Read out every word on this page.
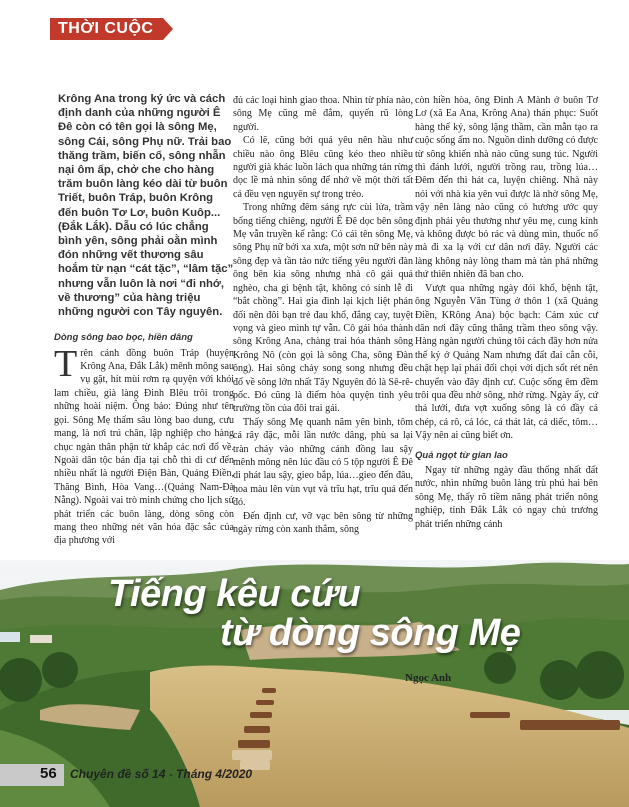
THỜI CUỘC
Krông Ana trong ký ức và cách định danh của những người Ê Đê còn có tên gọi là sông Mẹ, sông Cái, sông Phụ nữ. Trải bao thăng trầm, biến cố, sông nhẫn nại ôm ấp, chở che cho hàng trăm buôn làng kéo dài từ buôn Triết, buôn Tráp, buôn Krông đến buôn Tơ Lơ, buôn Kuôp...(Đắk Lắk). Dẫu có lúc chẳng bình yên, sông phải oằn mình đón những vết thương sâu hoắm từ nạn “cát tặc”, “lâm tặc” nhưng vẫn luôn là nơi “đi nhớ, về thương” của hàng triệu những người con Tây nguyên.
Dòng sông bao bọc, hiền dâng

Trên cánh đồng buôn Tráp (huyện Krông Ana, Đắk Lắk) mênh mông sau vụ gặt, hít mùi rơm rạ quyện với khói lam chiều, già làng Đinh Blêu trôi trong những hoài niệm. Ông bảo: Đúng như tên gọi. Sông Mẹ thấm sâu lòng bao dung, cưu mang, là nơi trú chân, lập nghiệp cho hàng chục ngàn thân phận từ khắp các nơi đổ về. Ngoài dân tộc bản địa tại chỗ thì di cư đến nhiều nhất là người Điện Bàn, Quảng Điền, Thăng Bình, Hòa Vang…(Quảng Nam-Đà Nẵng). Ngoài vai trò minh chứng cho lịch sử phát triển các buôn làng, dòng sông còn mang theo những nét văn hóa đặc sắc của địa phương với

đủ các loại hình giao thoa. Nhìn từ phía nào, sông Mẹ cũng mê đắm, quyến rũ lòng người.

Có lẽ, cũng bởi quá yêu nên hầu như chiều nào ông Blêu cũng kéo theo nhiều người già khác luồn lách qua những tán rừng dọc lề mà nhìn sông để nhớ về một thời tất cả đều vẹn nguyên sự trong trẻo.

Trong những đêm sáng rực cùi lửa, trầm bổng tiếng chiêng, người Ê Đê dọc bên sông Mẹ vẫn truyền kể rằng: Có cái tên sông Mẹ, sông Phụ nữ bởi xa xưa, một sơn nữ bên này sông đẹp và tần tảo nức tiếng yêu người đàn ông bên kia sông nhưng nhà cô gái quá nghèo, cha gì bệnh tật, không có sính lễ đi “bắt chồng”. Hai gia đình lại kịch liệt phản đối nên đôi bạn trẻ đau khổ, đắng cay, tuyệt vọng và gieo mình tự vẫn. Cô gái hóa thành sông Krông Ana, chàng trai hóa thành sông Krông Nô (còn gọi là sông Cha, sông Đàn ông). Hai sông chảy song song nhưng đều đổ về sông lớn nhất Tây Nguyên đó là Sê-rê-pốc. Đó cũng là điểm hòa quyện tình yêu trường tồn của đôi trai gái.

Thấy sông Mẹ quanh năm yên bình, tôm cá rây đặc, mỗi lần nước dâng, phù sa lại tràn chảy vào những cánh đồng lau sậy mênh mông nên lúc đầu có 5 tộp người Ê Đê di phát lau sậy, gieo bắp, lúa…gieo đến đâu, hoa màu lên vùn vụt và trĩu hạt, trĩu quả đến đó.

Đến định cư, vỡ vạc bên sông từ những ngày rừng còn xanh thẳm, sông

còn hiền hòa, ông Đinh A Mành ở buôn Tơ Lơ (xã Ea Ana, Krông Ana) thán phục: Suốt hàng thế kỷ, sông lặng thầm, cần mẫn tạo ra cuộc sống ấm no. Nguồn dinh dưỡng có được từ sông khiến nhà nào cũng sung túc. Người thì đánh lưới, người trồng rau, trồng lúa…Đêm đến thì hát ca, luyện chiêng. Nhà này nói với nhà kia yên vui được là nhờ sông Mẹ, vậy nên làng nào cũng có hương ước quy định phải yêu thương như yêu mẹ, cung kính và không được bỏ rác và dùng mìn, thuốc nổ mà đi xa lạ với cư dân nơi đây. Người các làng không này lòng tham mà tàn phá những thứ thiên nhiên đã ban cho.

Vượt qua những ngày đói khổ, bệnh tật, ông Nguyễn Văn Tùng ở thôn 1 (xã Quảng Điền, KRông Ana) bộc bạch: Cảm xúc cư dân nơi đây cũng thăng trầm theo sông vậy. Hàng ngàn người chúng tôi cách đây hơn nửa thế kỷ ở Quảng Nam nhưng đất đai cằn cỗi, chật hẹp lại phải đối chọi với dịch sốt rét nên chuyển vào đây định cư. Cuộc sống êm đềm trôi qua đều nhờ sông, nhờ rừng. Ngày ấy, cứ thả lưới, đưa vợt xuống sông là có đầy cá chép, cá rô, cá lóc, cá thát lát, cá diếc, tôm… Vậy nên ai cũng biết ơn.

Quả ngọt từ gian lao

Ngay từ những ngày đầu thống nhất đất nước, nhìn những buôn làng trù phú hai bên sông Mẹ, thấy rõ tiềm năng phát triển nông nghiệp, tỉnh Đắk Lắk có ngay chủ trương phát triển những cánh

Tiếng kêu cứu
từ dòng sông Mẹ
Ngọc Anh
56 Chuyên đề số 14 - Tháng 4/2020
